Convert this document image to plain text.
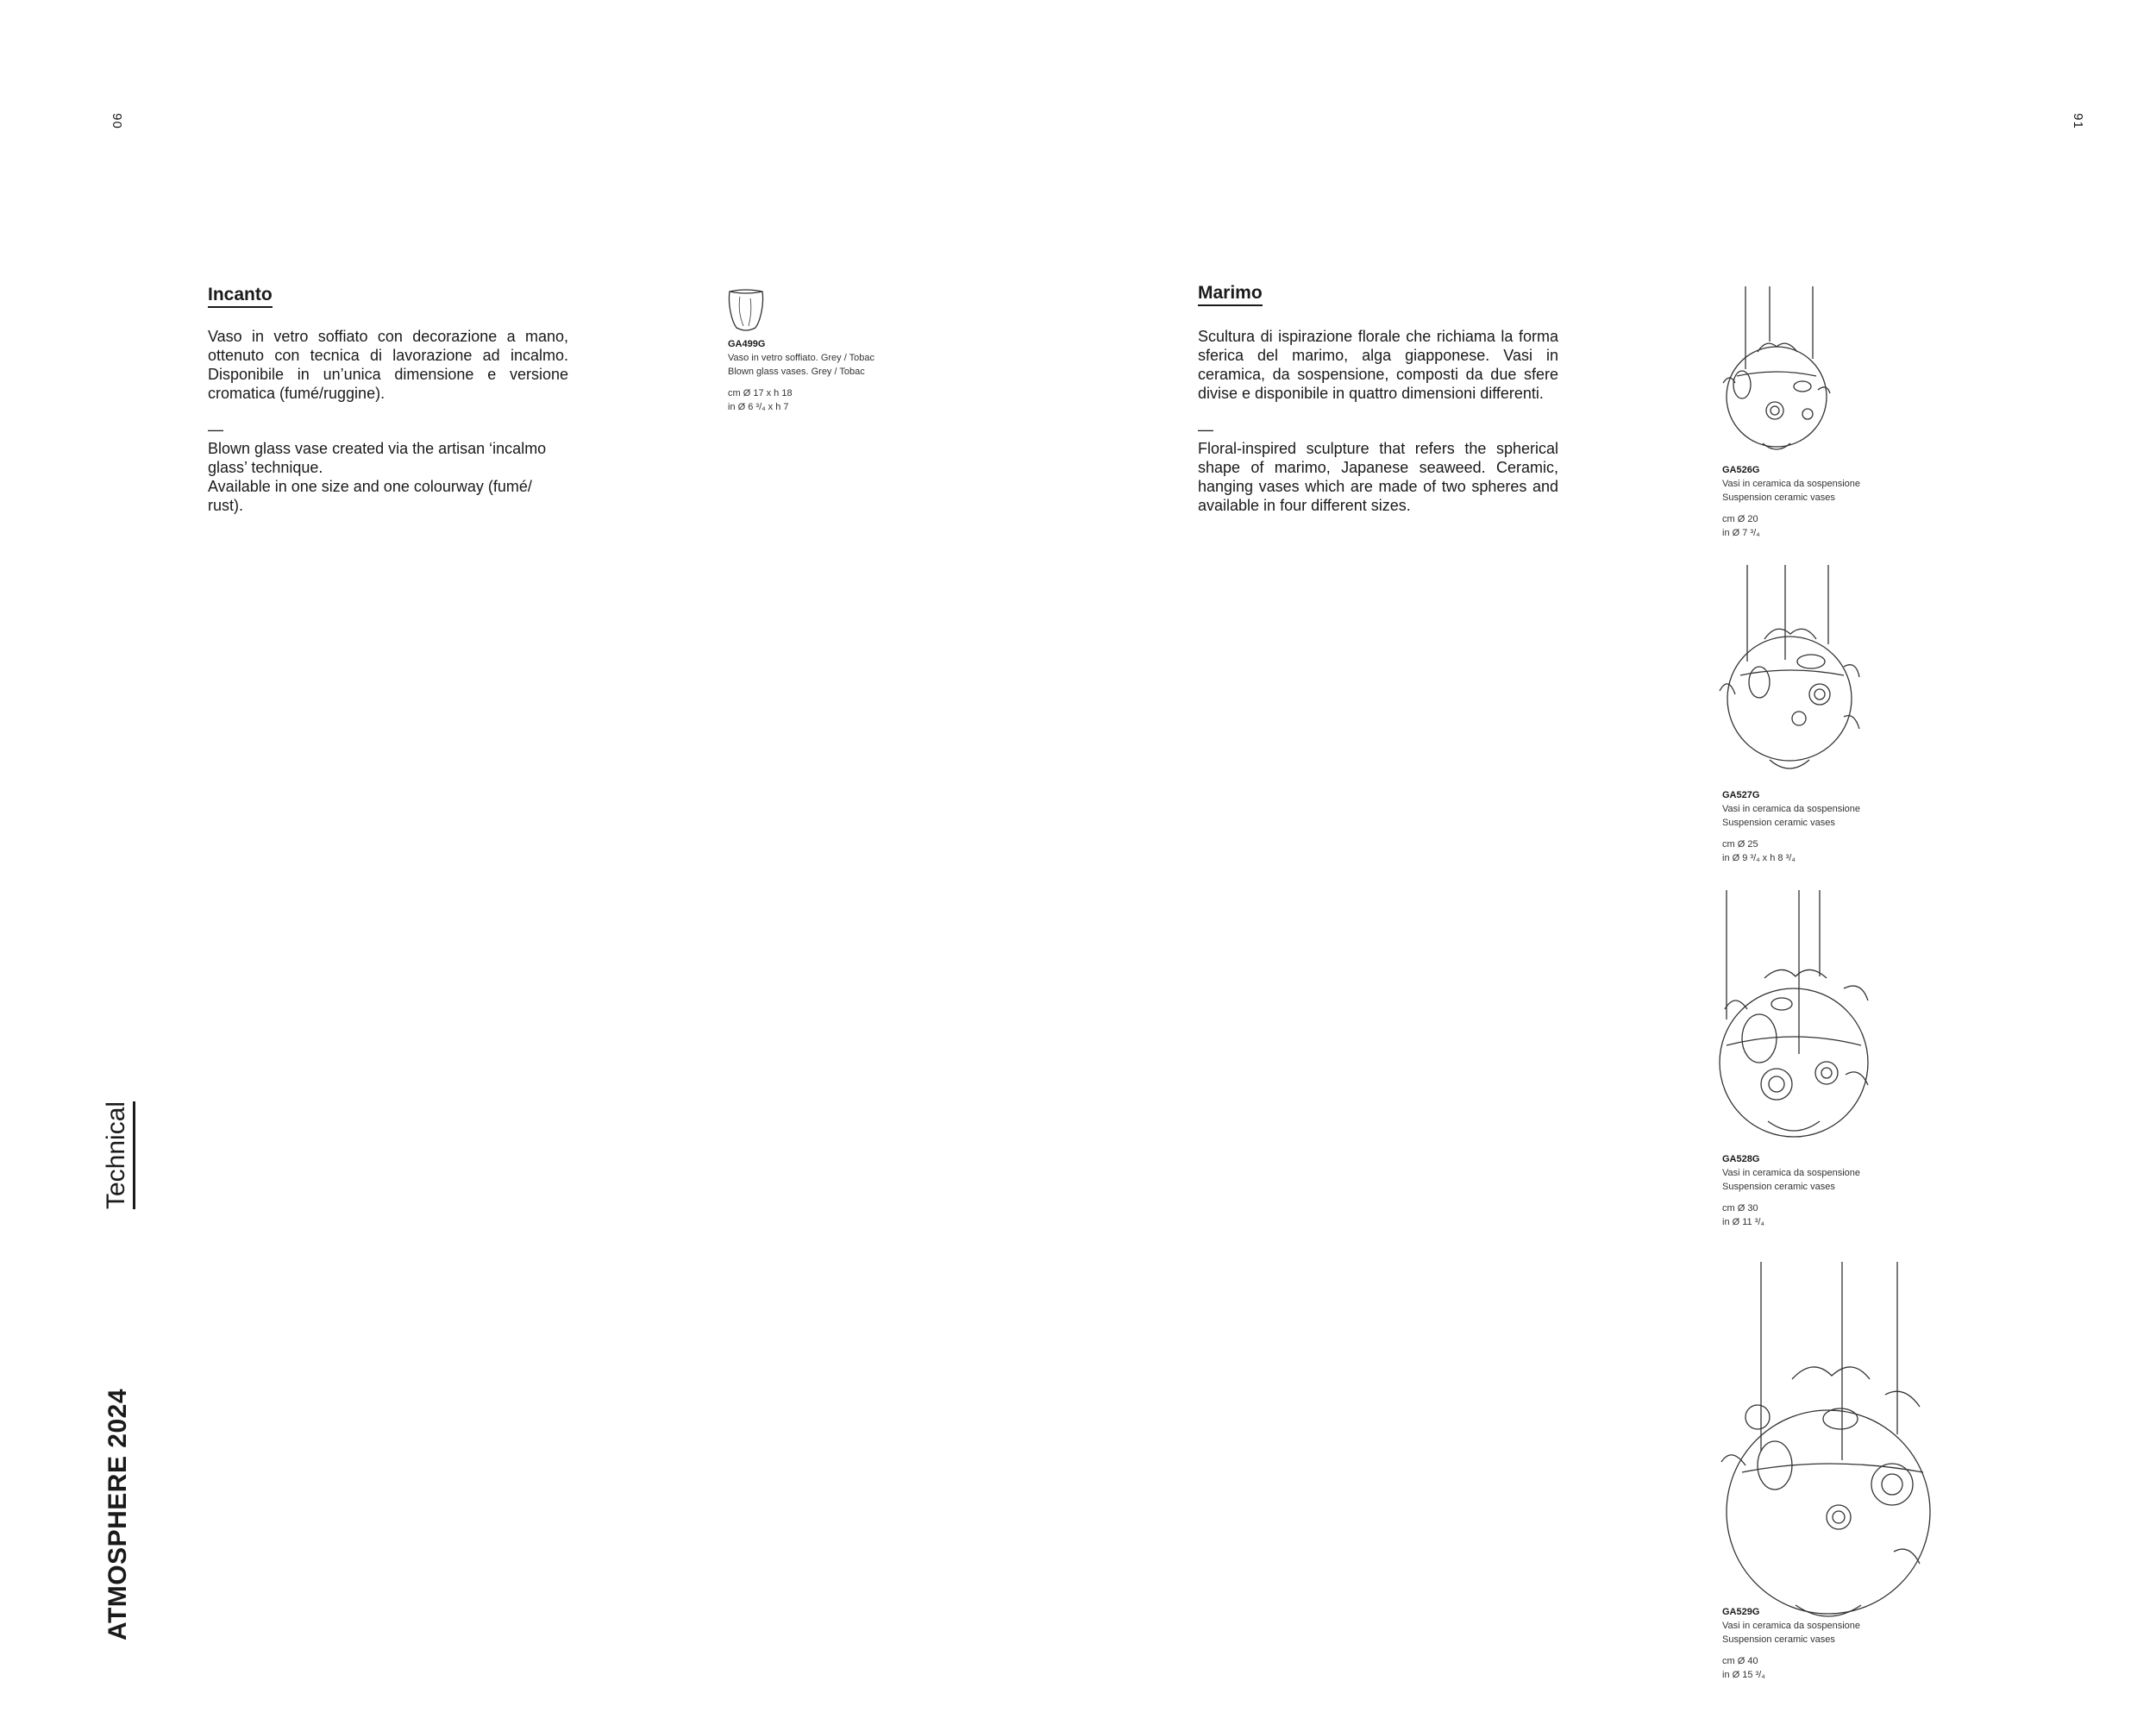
90	91
Technical
ATMOSPHERE 2024
Incanto
Vaso in vetro soffiato con decorazione a mano, ottenuto con tecnica di lavorazione ad incalmo. Disponibile in un’unica dimensione e versione cromatica (fumé/ruggine).
—
Blown glass vase created via the artisan ‘incalmo glass’ technique.
Available in one size and one colourway (fumé/ rust).
GA499G
Vaso in vetro soffiato. Grey / Tobac
Blown glass vases. Grey / Tobac
cm Ø 17 x h 18
in Ø 6 ³/₄ x h 7
Marimo
Scultura di ispirazione florale che richiama la forma sferica del marimo, alga giapponese. Vasi in ceramica, da sospensione, composti da due sfere divise e disponibile in quattro dimensioni differenti.
—
Floral-inspired sculpture that refers the spherical shape of marimo, Japanese seaweed. Ceramic, hanging vases which are made of two spheres and available in four different sizes.
GA526G
Vasi in ceramica da sospensione
Suspension ceramic vases
cm Ø 20
in Ø 7 ³/₄
GA527G
Vasi in ceramica da sospensione
Suspension ceramic vases
cm Ø 25
in Ø 9 ³/₄ x h 8 ³/₄
GA528G
Vasi in ceramica da sospensione
Suspension ceramic vases
cm Ø 30
in Ø 11 ³/₄
GA529G
Vasi in ceramica da sospensione
Suspension ceramic vases
cm Ø 40
in Ø 15 ³/₄
